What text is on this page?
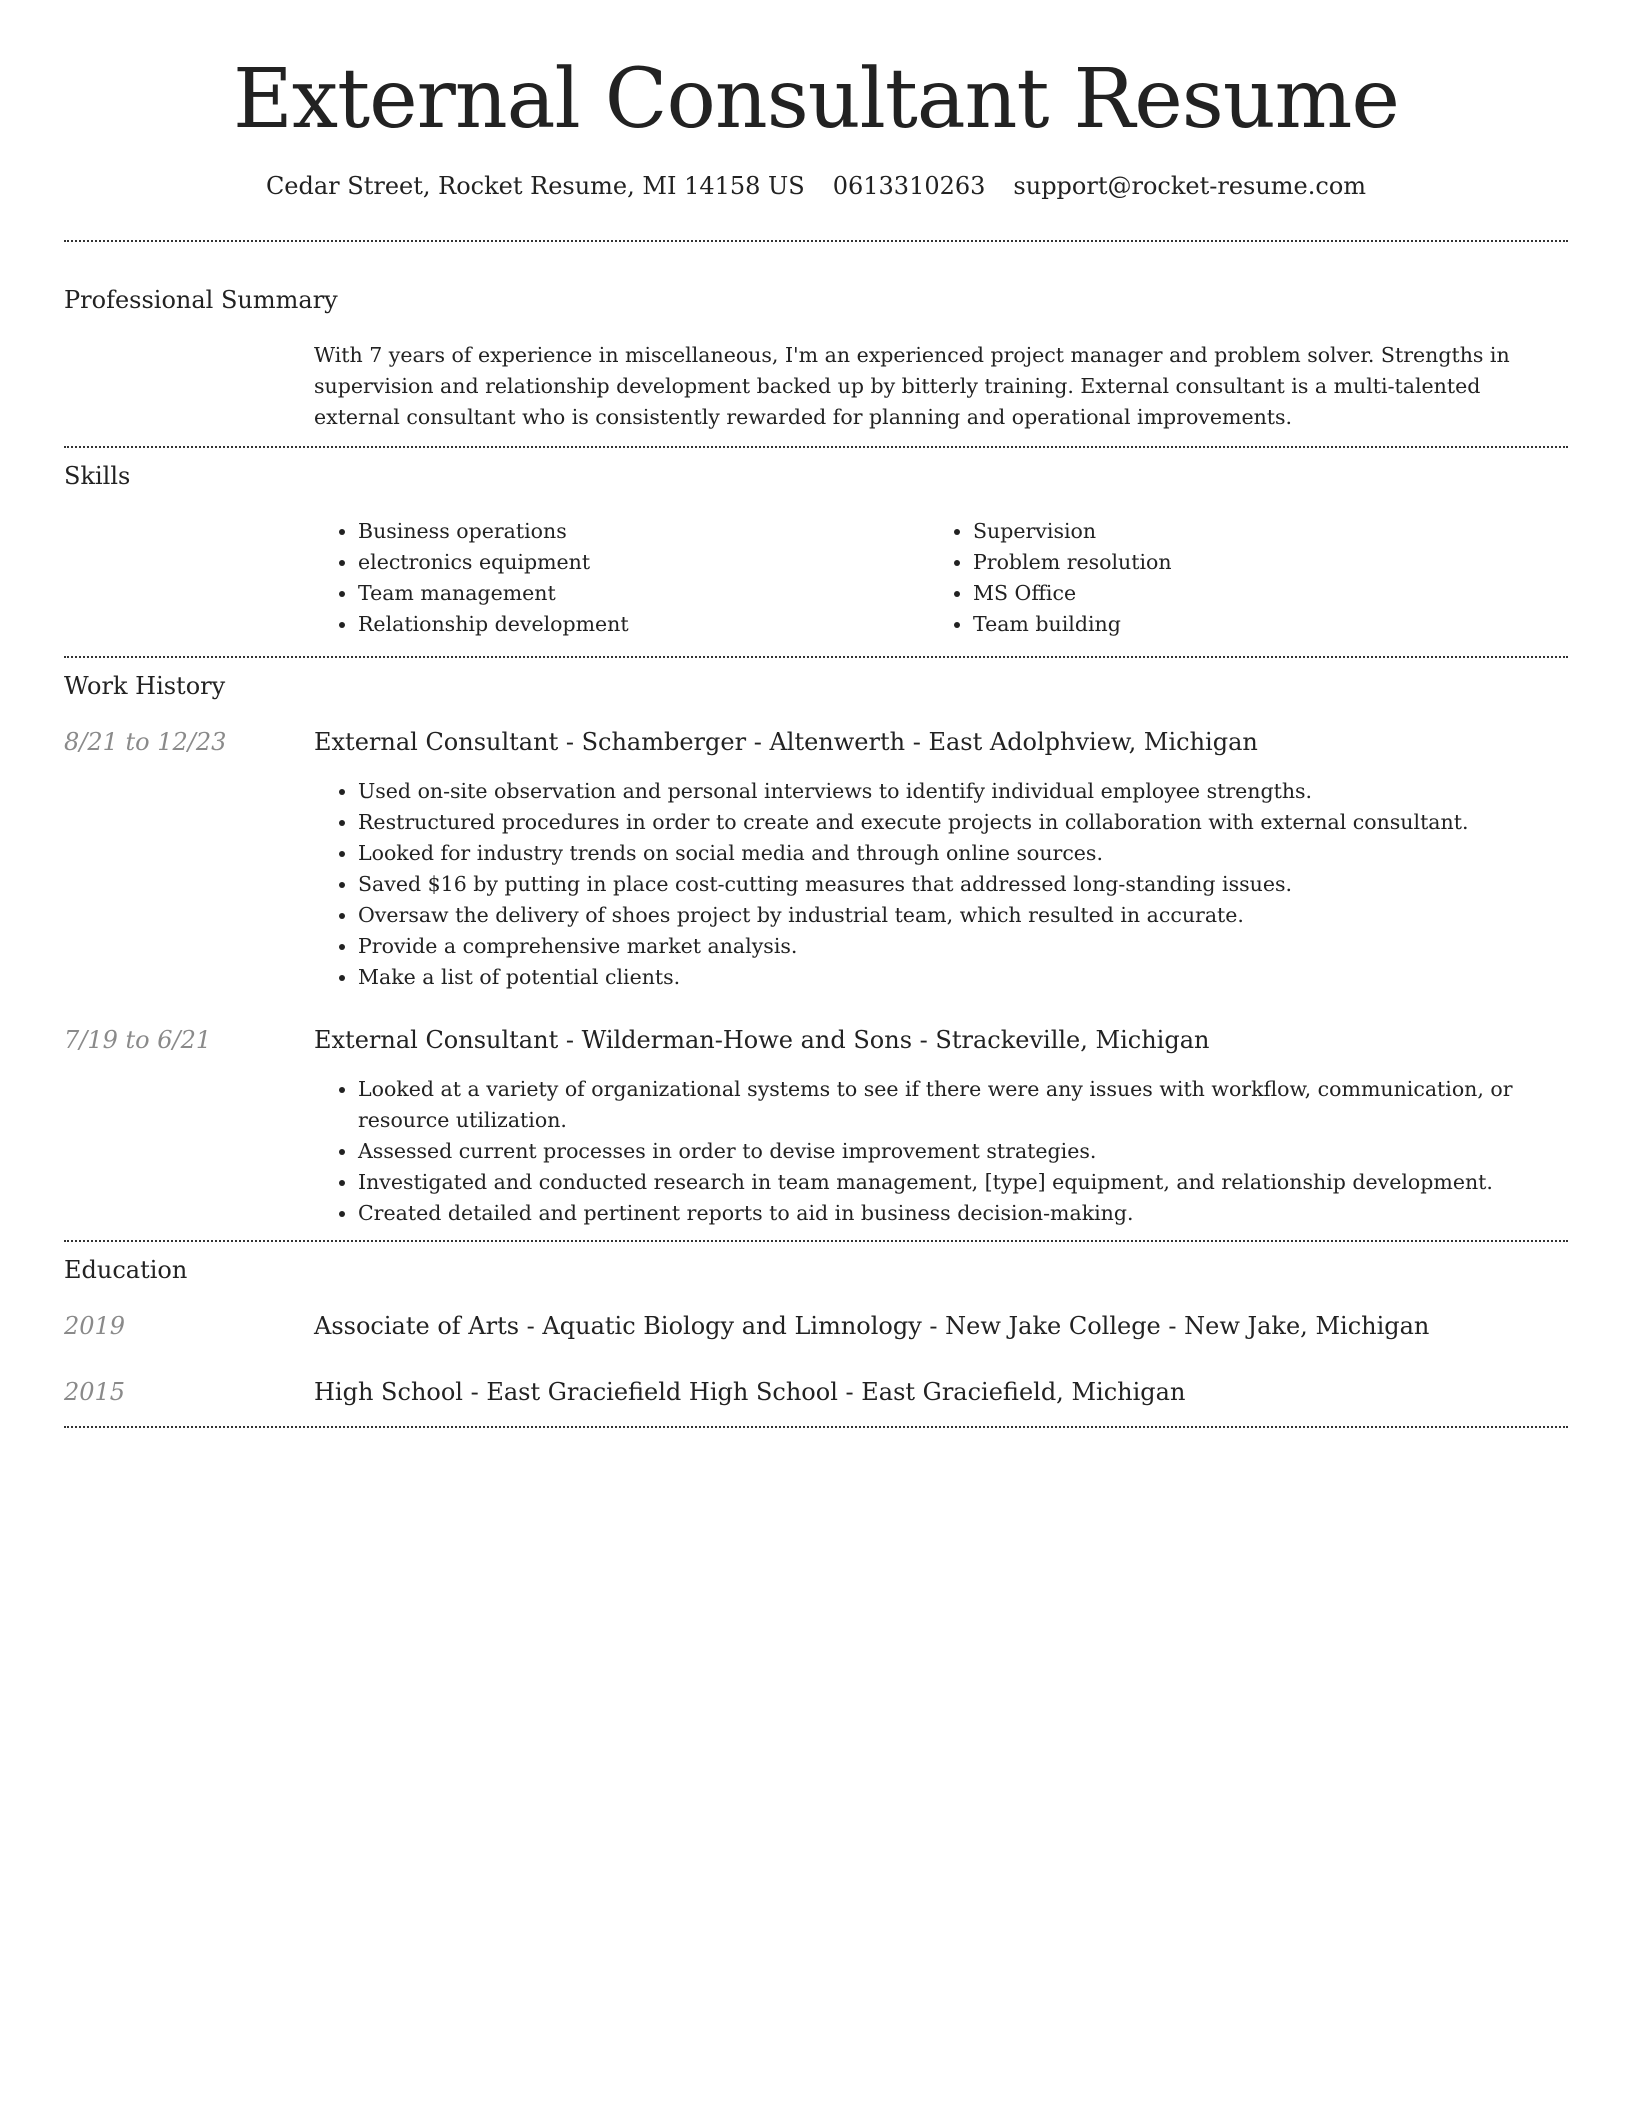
External Consultant Resume
Cedar Street, Rocket Resume, MI 14158 US 0613310263 support@rocket-resume.com
Professional Summary

With 7 years of experience in miscellaneous, I'm an experienced project manager and problem solver. Strengths in supervision and relationship development backed up by bitterly training. External consultant is a multi-talented external consultant who is consistently rewarded for planning and operational improvements.

Skills
• Business operations
• electronics equipment
• Team management
• Relationship development
• Supervision
• Problem resolution
• MS Office
• Team building
Work History
8/21 to 12/23	External Consultant - Schamberger - Altenwerth - East Adolphview, Michigan
• Used on-site observation and personal interviews to identify individual employee strengths.
• Restructured procedures in order to create and execute projects in collaboration with external consultant.
• Looked for industry trends on social media and through online sources.
• Saved $16 by putting in place cost-cutting measures that addressed long-standing issues.
• Oversaw the delivery of shoes project by industrial team, which resulted in accurate.
• Provide a comprehensive market analysis.
• Make a list of potential clients.
7/19 to 6/21	External Consultant - Wilderman-Howe and Sons - Strackeville, Michigan
• Looked at a variety of organizational systems to see if there were any issues with workflow, communication, or resource utilization.
• Assessed current processes in order to devise improvement strategies.
• Investigated and conducted research in team management, [type] equipment, and relationship development.
• Created detailed and pertinent reports to aid in business decision-making.
Education
2019	Associate of Arts - Aquatic Biology and Limnology - New Jake College - New Jake, Michigan
2015	High School - East Graciefield High School - East Graciefield, Michigan
